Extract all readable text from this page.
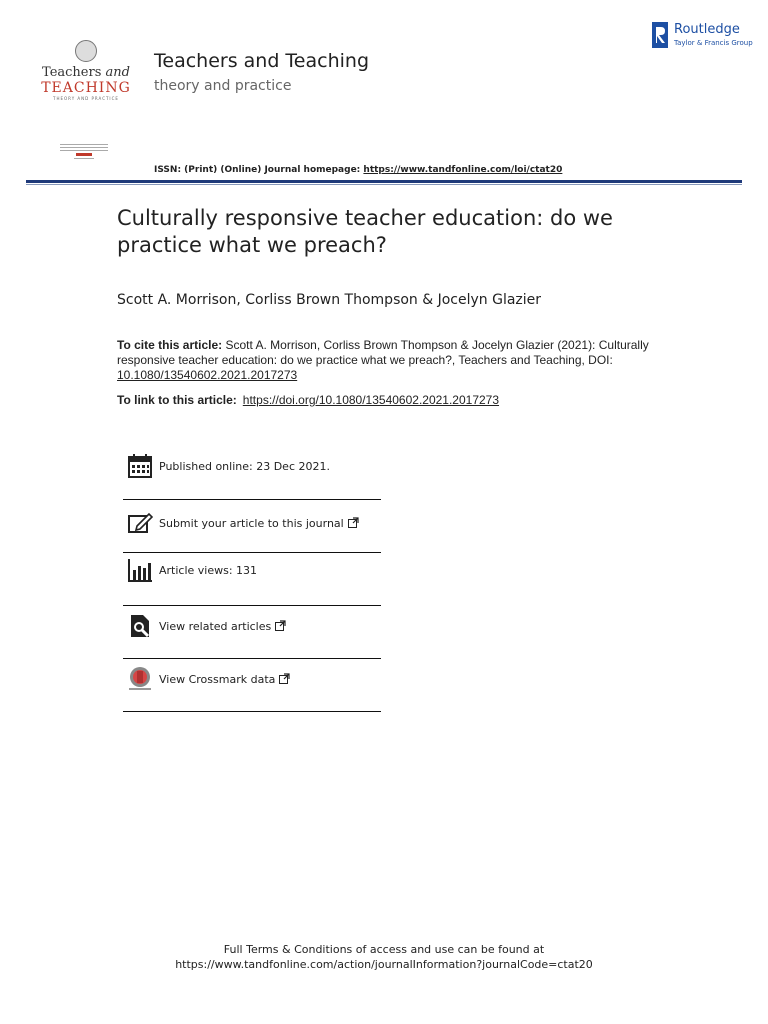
Teachers and
TEACHING
THEORY AND PRACTICE
Teachers and Teaching
theory and practice
Routledge
Taylor & Francis Group
ISSN: (Print) (Online) Journal homepage: https://www.tandfonline.com/loi/ctat20
Culturally responsive teacher education: do we practice what we preach?
Scott A. Morrison, Corliss Brown Thompson & Jocelyn Glazier
To cite this article: Scott A. Morrison, Corliss Brown Thompson & Jocelyn Glazier (2021): Culturally responsive teacher education: do we practice what we preach?, Teachers and Teaching, DOI: 10.1080/13540602.2021.2017273
To link to this article: https://doi.org/10.1080/13540602.2021.2017273
Published online: 23 Dec 2021.
Submit your article to this journal
Article views: 131
View related articles
View Crossmark data
Full Terms & Conditions of access and use can be found at
https://www.tandfonline.com/action/journalInformation?journalCode=ctat20
